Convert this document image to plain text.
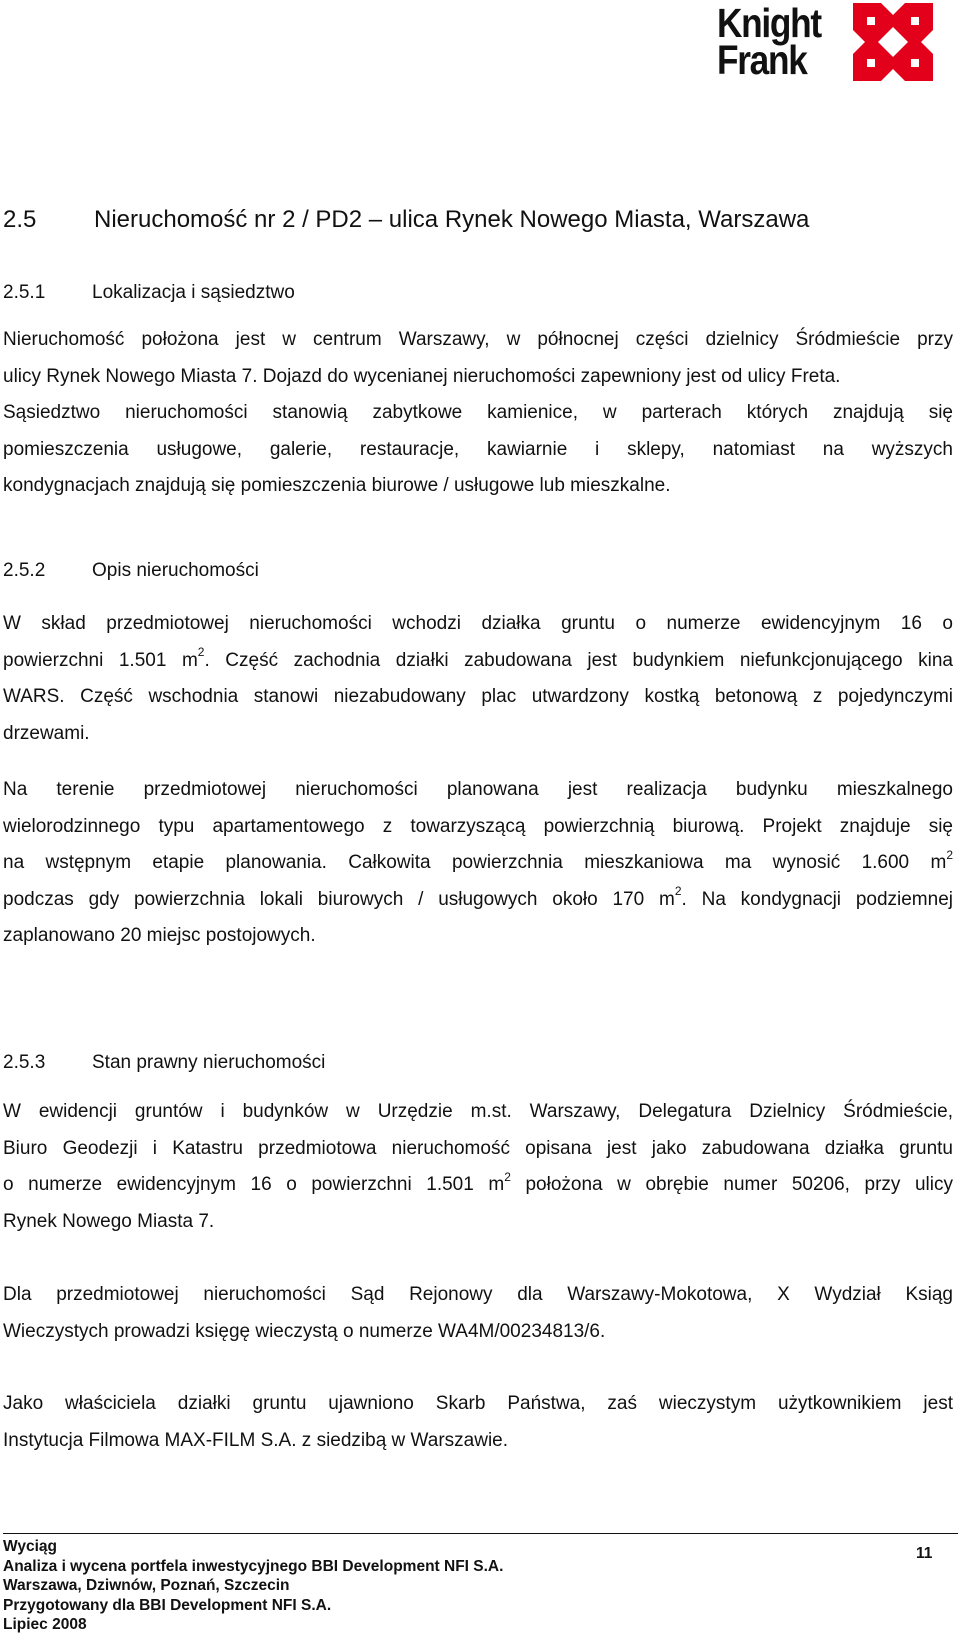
Knight
Frank
2.5 Nieruchomość nr 2 / PD2 – ulica Rynek Nowego Miasta, Warszawa
2.5.1 Lokalizacja i sąsiedztwo
Nieruchomość położona jest w centrum Warszawy, w północnej części dzielnicy Śródmieście przy
ulicy Rynek Nowego Miasta 7. Dojazd do wycenianej nieruchomości zapewniony jest od ulicy Freta.
Sąsiedztwo nieruchomości stanowią zabytkowe kamienice, w parterach których znajdują się
pomieszczenia usługowe, galerie, restauracje, kawiarnie i sklepy, natomiast na wyższych
kondygnacjach znajdują się pomieszczenia biurowe / usługowe lub mieszkalne.
2.5.2 Opis nieruchomości
W skład przedmiotowej nieruchomości wchodzi działka gruntu o numerze ewidencyjnym 16 o
powierzchni 1.501 $m^2$. Część zachodnia działki zabudowana jest budynkiem niefunkcjonującego kina
WARS. Część wschodnia stanowi niezabudowany plac utwardzony kostką betonową z pojedynczymi
drzewami.
Na terenie przedmiotowej nieruchomości planowana jest realizacja budynku mieszkalnego
wielorodzinnego typu apartamentowego z towarzyszącą powierzchnią biurową. Projekt znajduje się
na wstępnym etapie planowania. Całkowita powierzchnia mieszkaniowa ma wynosić 1.600 $m^2$
podczas gdy powierzchnia lokali biurowych / usługowych około 170 $m^2$. Na kondygnacji podziemnej
zaplanowano 20 miejsc postojowych.
2.5.3 Stan prawny nieruchomości
W ewidencji gruntów i budynków w Urzędzie m.st. Warszawy, Delegatura Dzielnicy Śródmieście,
Biuro Geodezji i Katastru przedmiotowa nieruchomość opisana jest jako zabudowana działka gruntu
o numerze ewidencyjnym 16 o powierzchni 1.501 $m^2$ położona w obrębie numer 50206, przy ulicy
Rynek Nowego Miasta 7.
Dla przedmiotowej nieruchomości Sąd Rejonowy dla Warszawy-Mokotowa, X Wydział Ksiąg
Wieczystych prowadzi księgę wieczystą o numerze WA4M/00234813/6.
Jako właściciela działki gruntu ujawniono Skarb Państwa, zaś wieczystym użytkownikiem jest
Instytucja Filmowa MAX-FILM S.A. z siedzibą w Warszawie.
Wyciąg
Analiza i wycena portfela inwestycyjnego BBI Development NFI S.A.
Warszawa, Dziwnów, Poznań, Szczecin
Przygotowany dla BBI Development NFI S.A.
Lipiec 2008
11
